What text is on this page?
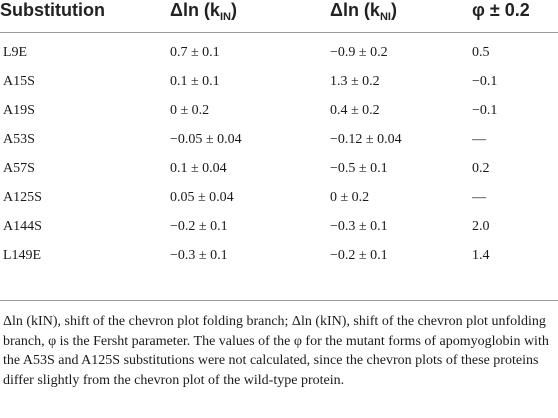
Substitution	Δln $(k_{IN})$	Δln $(k_{NI})$	φ ± 0.2

L9E	0.7 ± 0.1	−0.9 ± 0.2	0.5
A15S	0.1 ± 0.1	1.3 ± 0.2	−0.1
A19S	0 ± 0.2	0.4 ± 0.2	−0.1
A53S	−0.05 ± 0.04	−0.12 ± 0.04	—
A57S	0.1 ± 0.04	−0.5 ± 0.1	0.2
A125S	0.05 ± 0.04	0 ± 0.2	—
A144S	−0.2 ± 0.1	−0.3 ± 0.1	2.0
L149E	−0.3 ± 0.1	−0.2 ± 0.1	1.4
Δln (kIN), shift of the chevron plot folding branch; Δln (kIN), shift of the chevron plot unfolding branch, φ is the Fersht parameter. The values of the φ for the mutant forms of apomyoglobin with the A53S and A125S substitutions were not calculated, since the chevron plots of these proteins differ slightly from the chevron plot of the wild-type protein.
